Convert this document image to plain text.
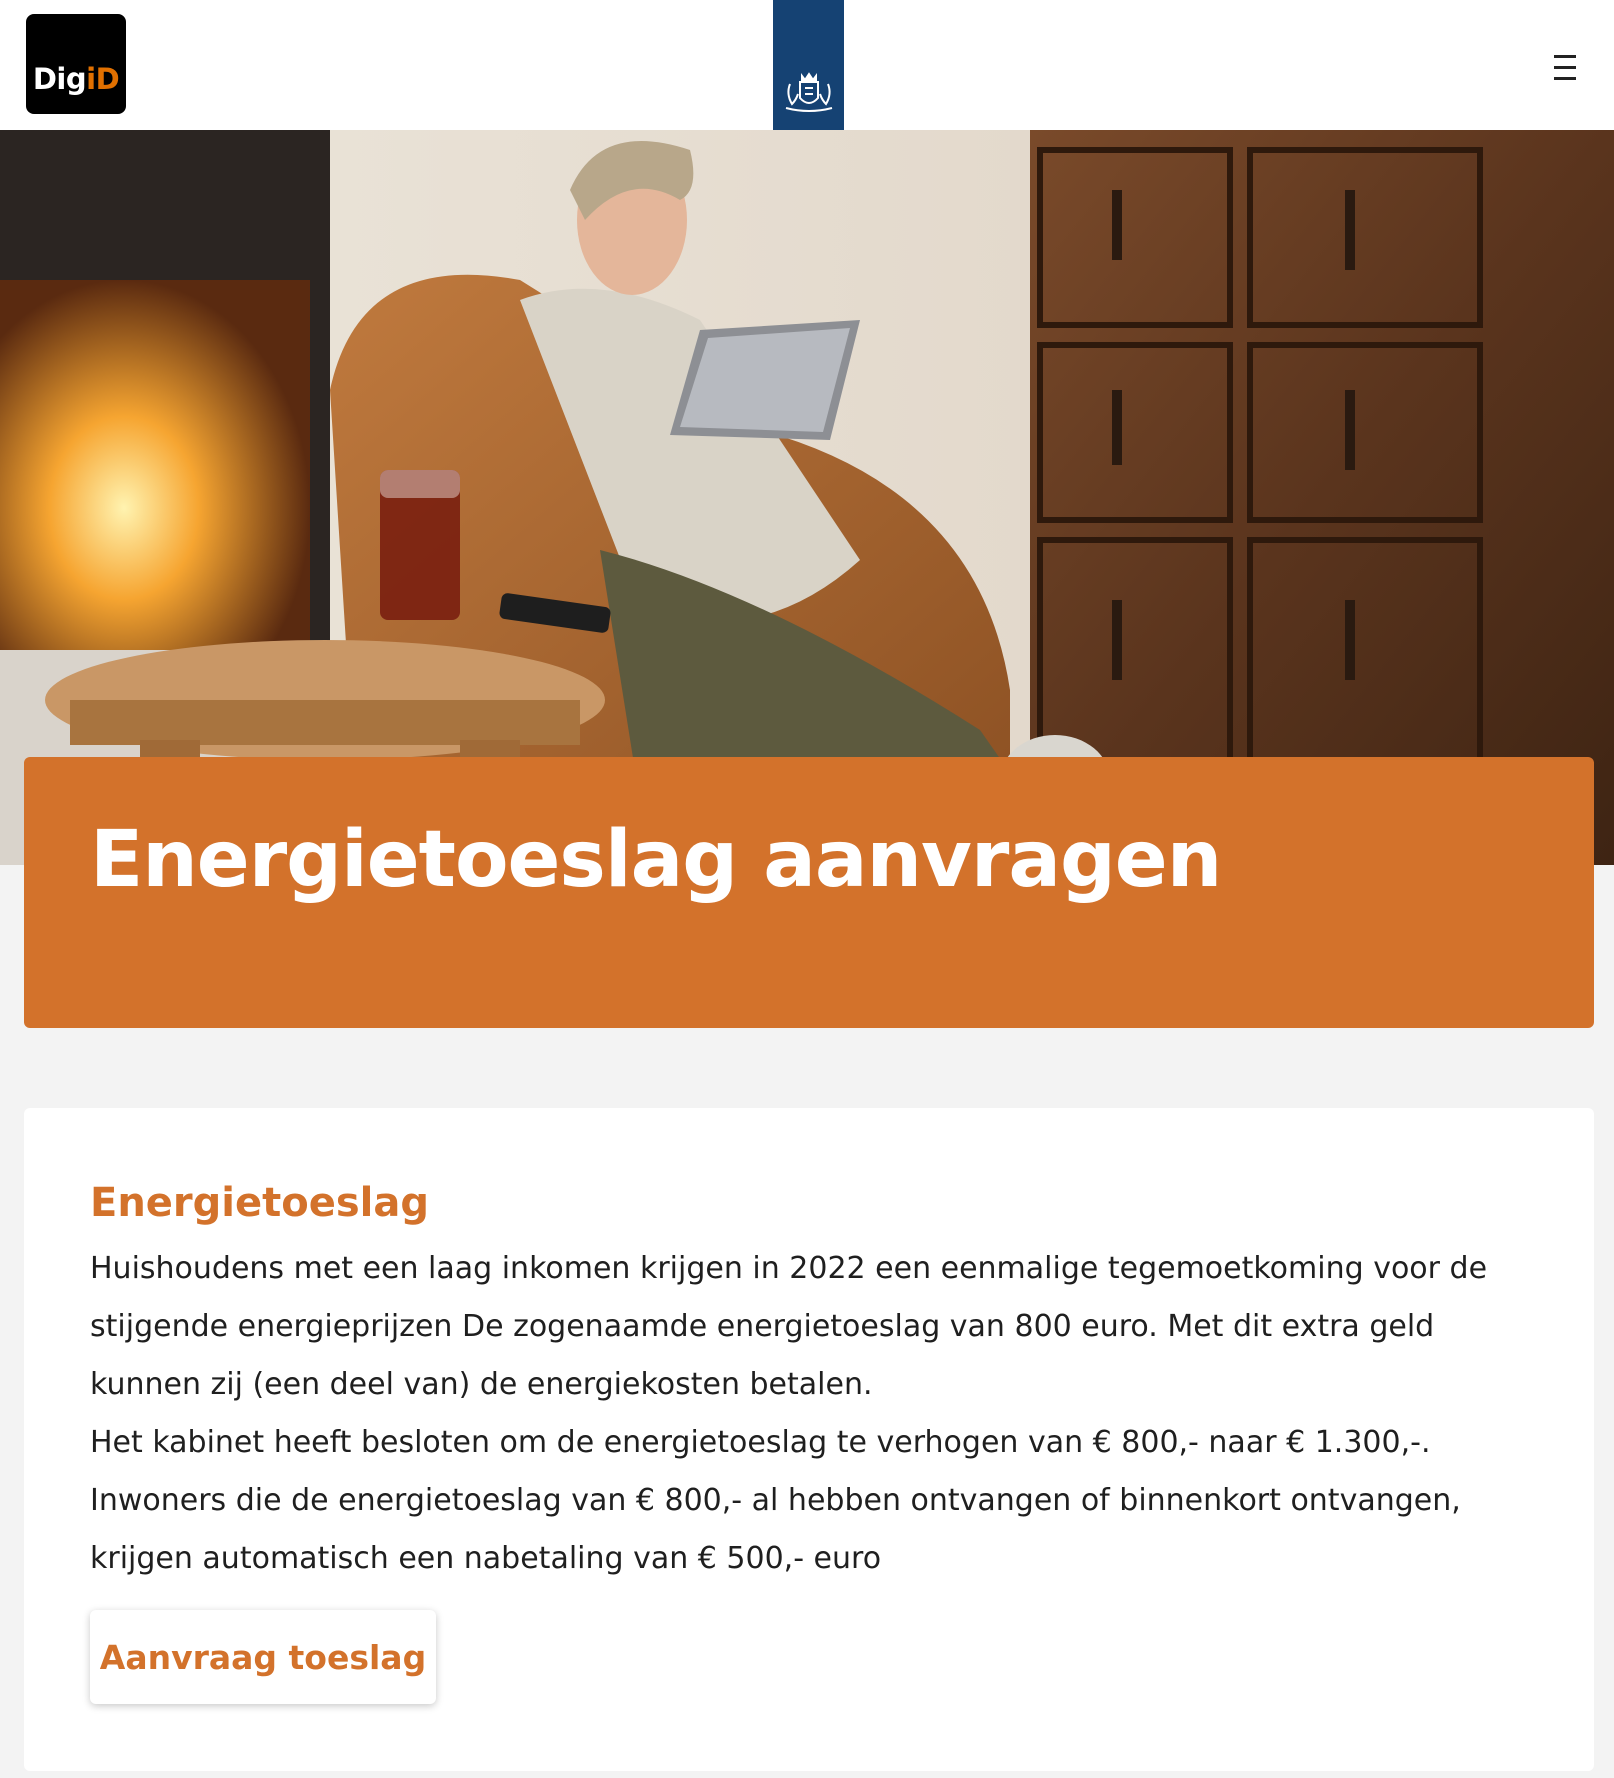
Dig iD
Energietoeslag aanvragen
Energietoeslag

Huishoudens met een laag inkomen krijgen in 2022 een eenmalige tegemoetkoming voor de stijgende energieprijzen De zogenaamde energietoeslag van 800 euro. Met dit extra geld kunnen zij (een deel van) de energiekosten betalen.

Het kabinet heeft besloten om de energietoeslag te verhogen van € 800,- naar € 1.300,-. Inwoners die de energietoeslag van € 800,- al hebben ontvangen of binnenkort ontvangen, krijgen automatisch een nabetaling van € 500,- euro

Aanvraag toeslag
